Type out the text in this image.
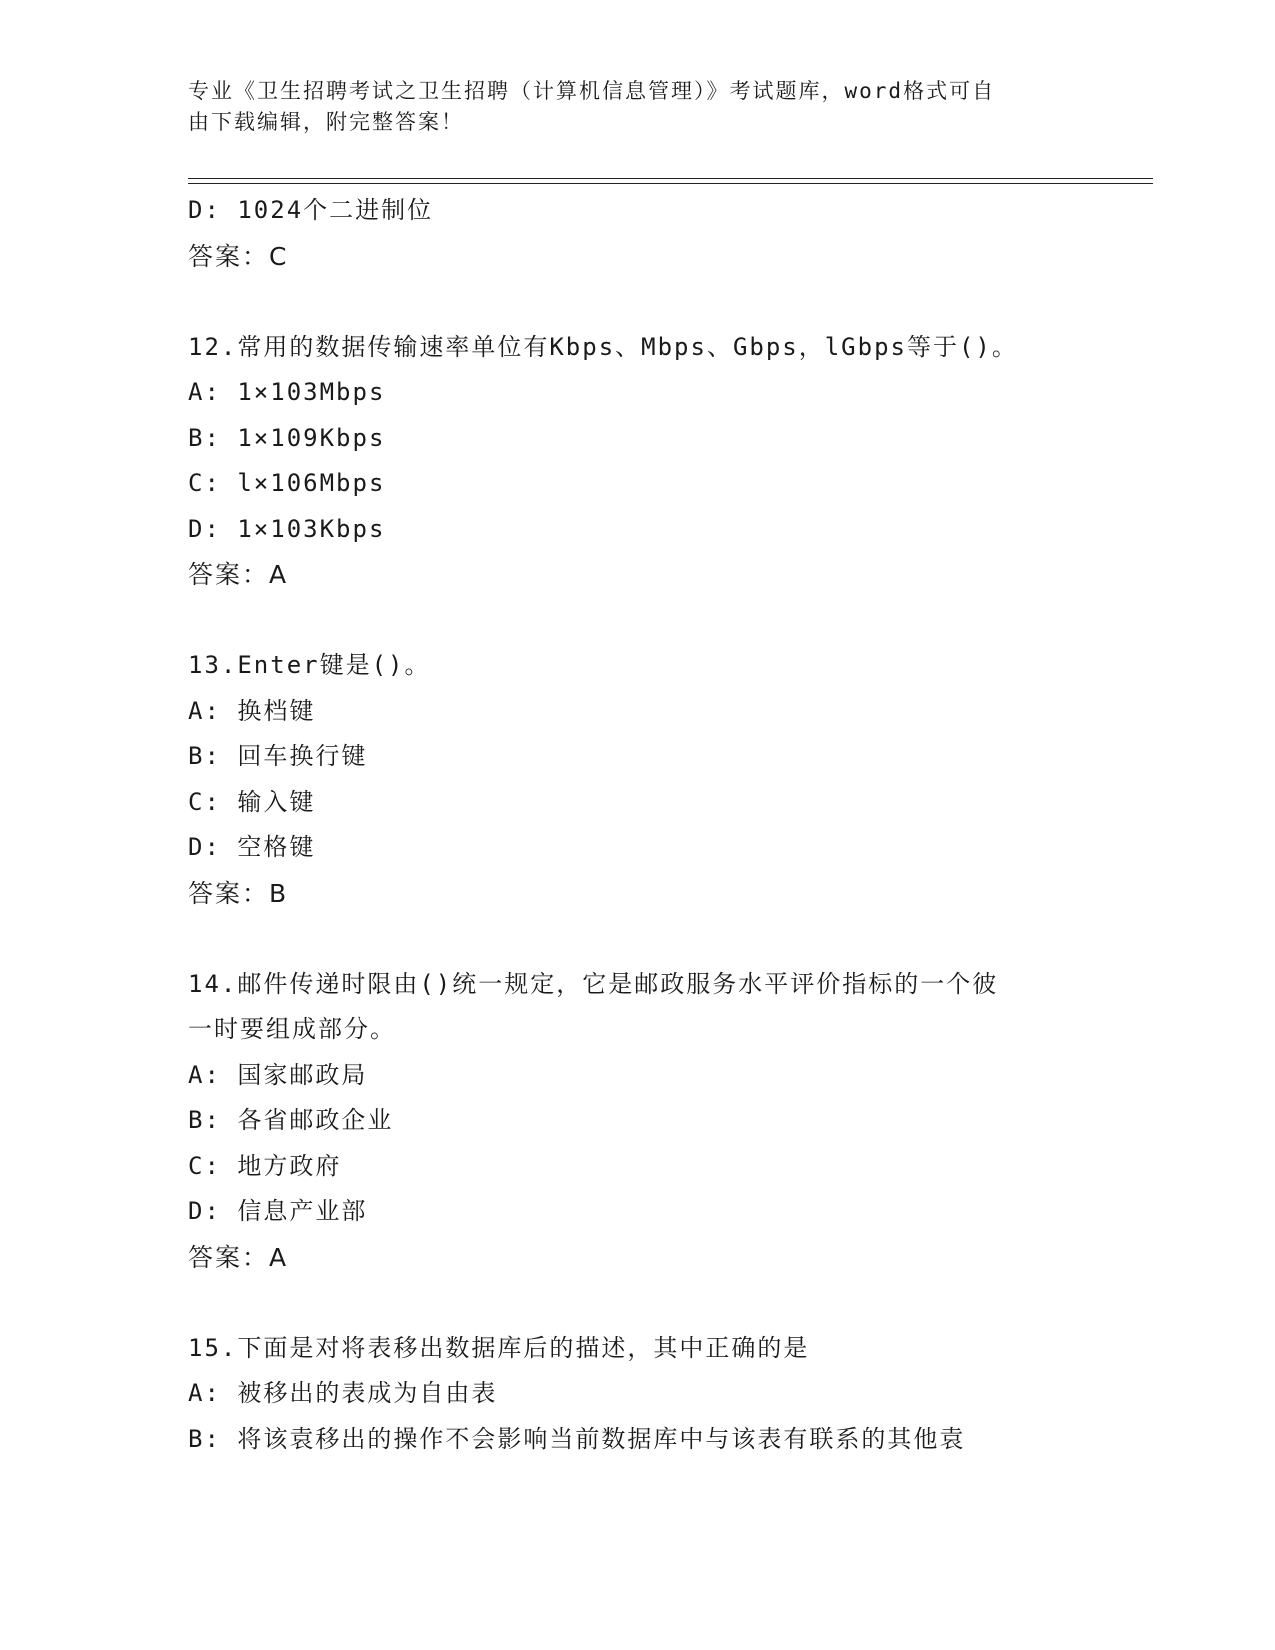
专业《卫生招聘考试之卫生招聘（计算机信息管理）》考试题库，word格式可自
由下载编辑，附完整答案！
D: 1024个二进制位
答案：C
12.常用的数据传输速率单位有Kbps、Mbps、Gbps，lGbps等于()。
A: 1×103Mbps
B: 1×109Kbps
C: l×106Mbps
D: 1×103Kbps
答案：A
13.Enter键是()。
A: 换档键
B: 回车换行键
C: 输入键
D: 空格键
答案：B
14.邮件传递时限由()统一规定，它是邮政服务水平评价指标的一个彼
一时要组成部分。
A: 国家邮政局
B: 各省邮政企业
C: 地方政府
D: 信息产业部
答案：A
15.下面是对将表移出数据库后的描述，其中正确的是
A: 被移出的表成为自由表
B: 将该袁移出的操作不会影响当前数据库中与该表有联系的其他袁
